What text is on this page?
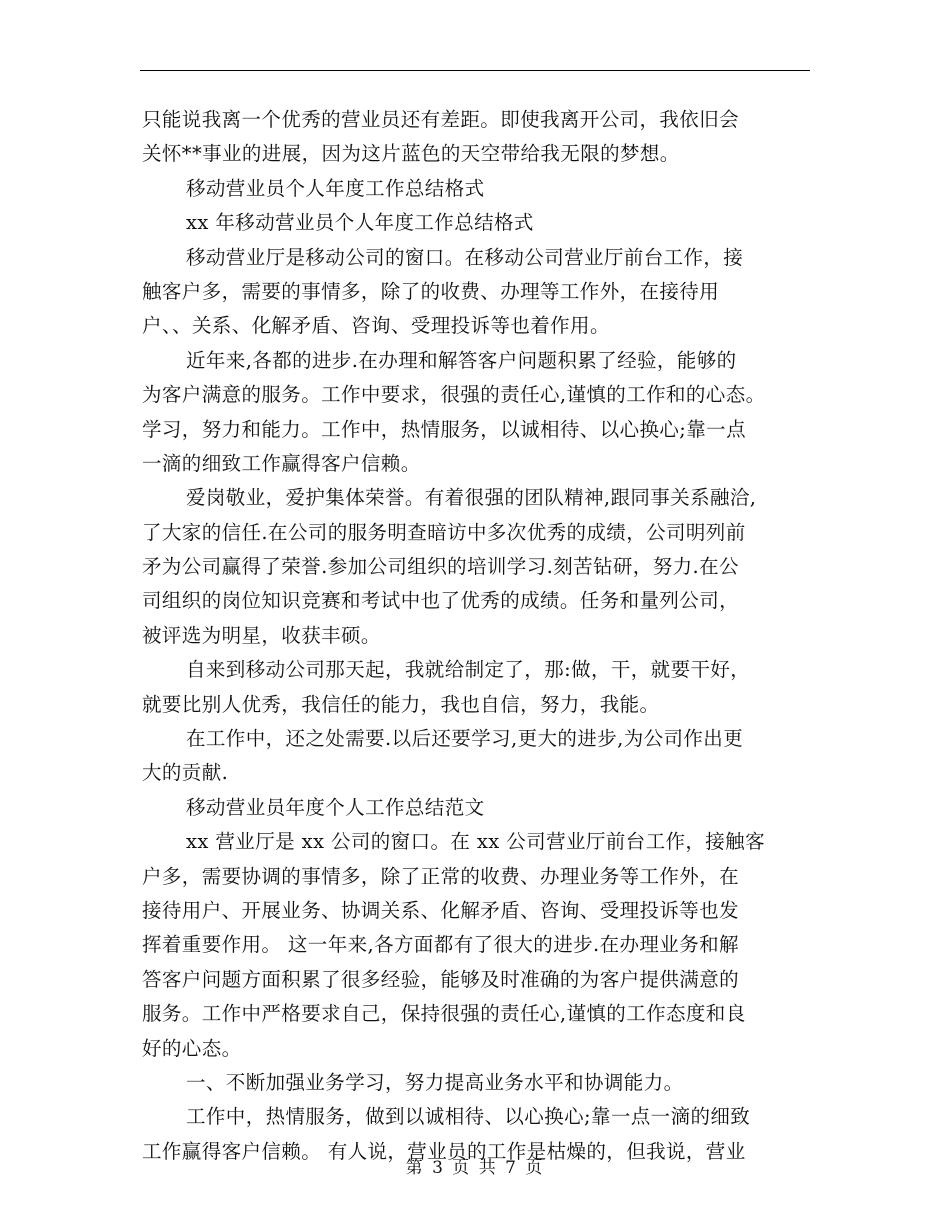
只能说我离一个优秀的营业员还有差距。即使我离开公司，我依旧会
关怀**事业的进展，因为这片蓝色的天空带给我无限的梦想。
移动营业员个人年度工作总结格式
xx 年移动营业员个人年度工作总结格式
移动营业厅是移动公司的窗口。在移动公司营业厅前台工作，接
触客户多，需要的事情多，除了的收费、办理等工作外，在接待用
户、、关系、化解矛盾、咨询、受理投诉等也着作用。
近年来,各都的进步.在办理和解答客户问题积累了经验，能够的
为客户满意的服务。工作中要求，很强的责任心,谨慎的工作和的心态。
学习，努力和能力。工作中，热情服务，以诚相待、以心换心;靠一点
一滴的细致工作赢得客户信赖。
爱岗敬业，爱护集体荣誉。有着很强的团队精神,跟同事关系融洽,
了大家的信任.在公司的服务明查暗访中多次优秀的成绩，公司明列前
矛为公司赢得了荣誉.参加公司组织的培训学习.刻苦钻研，努力.在公
司组织的岗位知识竞赛和考试中也了优秀的成绩。任务和量列公司，
被评选为明星，收获丰硕。
自来到移动公司那天起，我就给制定了，那:做，干，就要干好，
就要比别人优秀，我信任的能力，我也自信，努力，我能。
在工作中，还之处需要.以后还要学习,更大的进步,为公司作出更
大的贡献.
移动营业员年度个人工作总结范文
xx 营业厅是 xx 公司的窗口。在 xx 公司营业厅前台工作，接触客
户多，需要协调的事情多，除了正常的收费、办理业务等工作外，在
接待用户、开展业务、协调关系、化解矛盾、咨询、受理投诉等也发
挥着重要作用。 这一年来,各方面都有了很大的进步.在办理业务和解
答客户问题方面积累了很多经验，能够及时准确的为客户提供满意的
服务。工作中严格要求自己，保持很强的责任心,谨慎的工作态度和良
好的心态。
一、不断加强业务学习，努力提高业务水平和协调能力。
工作中，热情服务，做到以诚相待、以心换心;靠一点一滴的细致
工作赢得客户信赖。 有人说，营业员的工作是枯燥的，但我说，营业
第 3 页 共 7 页
